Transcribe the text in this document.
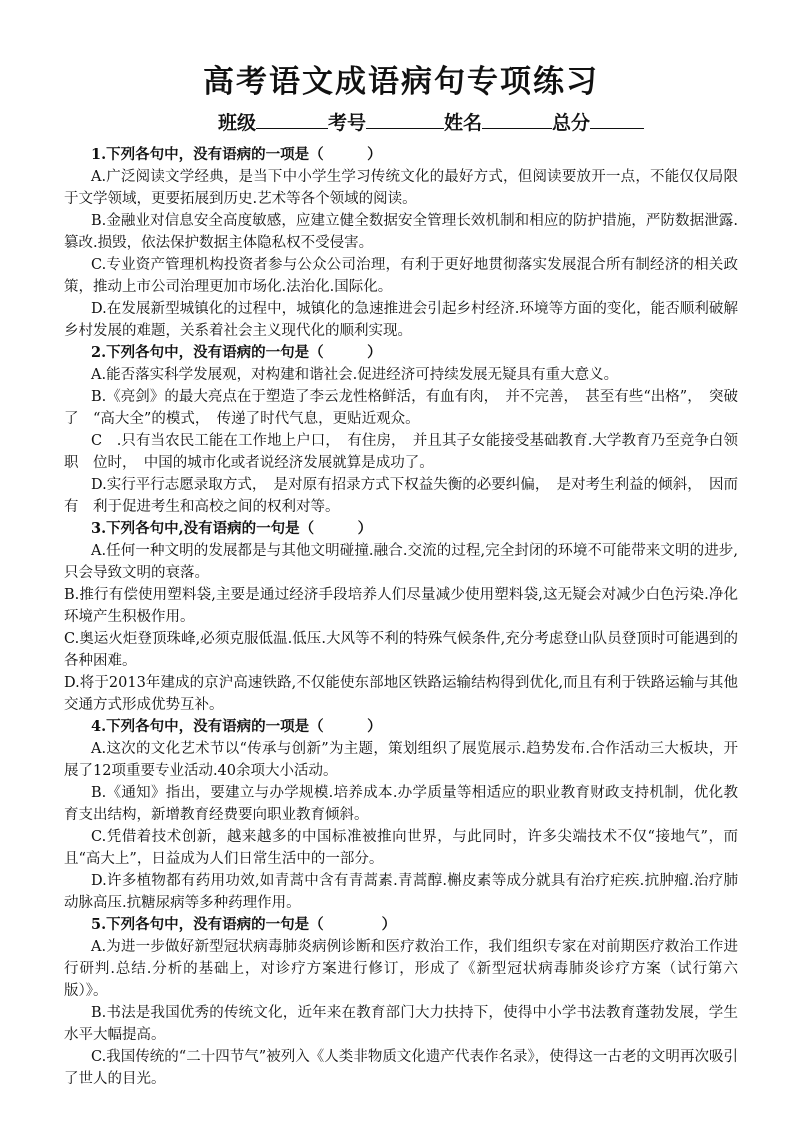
高考语文成语病句专项练习
班级	考号	姓名	总分

1.下列各句中，没有语病的一项是（　　　）

A.广泛阅读文学经典，是当下中小学生学习传统文化的最好方式，但阅读要放开一点，不能仅仅局限于文学领域，更要拓展到历史.艺术等各个领域的阅读。

B.金融业对信息安全高度敏感，应建立健全数据安全管理长效机制和相应的防护措施，严防数据泄露.篡改.损毁，依法保护数据主体隐私权不受侵害。

C.专业资产管理机构投资者参与公众公司治理，有利于更好地贯彻落实发展混合所有制经济的相关政策，推动上市公司治理更加市场化.法治化.国际化。

D.在发展新型城镇化的过程中，城镇化的急速推进会引起乡村经济.环境等方面的变化，能否顺利破解乡村发展的难题，关系着社会主义现代化的顺利实现。

2.下列各句中，没有语病的一句是（　　　）

A.能否落实科学发展观，对构建和谐社会.促进经济可持续发展无疑具有重大意义。

B.《亮剑》的最大亮点在于塑造了李云龙性格鲜活，有血有肉，　并不完善，　甚至有些“出格”，　突破了　“高大全”的模式，　传递了时代气息，更贴近观众。

C　.只有当农民工能在工作地上户口，　有住房，　并且其子女能接受基础教育.大学教育乃至竞争白领职　位时，　中国的城市化或者说经济发展就算是成功了。

D.实行平行志愿录取方式，　是对原有招录方式下权益失衡的必要纠偏，　是对考生利益的倾斜，　因而有　利于促进考生和高校之间的权利对等。

3.下列各句中,没有语病的一句是（　　　）

A.任何一种文明的发展都是与其他文明碰撞.融合.交流的过程,完全封闭的环境不可能带来文明的进步,只会导致文明的衰落。

B.推行有偿使用塑料袋,主要是通过经济手段培养人们尽量减少使用塑料袋,这无疑会对减少白色污染.净化环境产生积极作用。

C.奥运火炬登顶珠峰,必须克服低温.低压.大风等不利的特殊气候条件,充分考虑登山队员登顶时可能遇到的各种困难。

D.将于2013年建成的京沪高速铁路,不仅能使东部地区铁路运输结构得到优化,而且有利于铁路运输与其他交通方式形成优势互补。

4.下列各句中，没有语病的一项是（　　　）

A.这次的文化艺术节以“传承与创新”为主题，策划组织了展览展示.趋势发布.合作活动三大板块，开展了12项重要专业活动.40余项大小活动。

B.《通知》指出，要建立与办学规模.培养成本.办学质量等相适应的职业教育财政支持机制，优化教育支出结构，新增教育经费要向职业教育倾斜。

C.凭借着技术创新，越来越多的中国标准被推向世界，与此同时，许多尖端技术不仅“接地气”，而且“高大上”，日益成为人们日常生活中的一部分。

D.许多植物都有药用功效,如青蒿中含有青蒿素.青蒿醇.槲皮素等成分就具有治疗疟疾.抗肿瘤.治疗肺动脉高压.抗糖尿病等多种药理作用。

5.下列各句中，没有语病的一句是（　　　　）

A.为进一步做好新型冠状病毒肺炎病例诊断和医疗救治工作，我们组织专家在对前期医疗救治工作进行研判.总结.分析的基础上，对诊疗方案进行修订，形成了《新型冠状病毒肺炎诊疗方案（试行第六版）》。

B.书法是我国优秀的传统文化，近年来在教育部门大力扶持下，使得中小学书法教育蓬勃发展，学生水平大幅提高。

C.我国传统的“二十四节气”被列入《人类非物质文化遗产代表作名录》，使得这一古老的文明再次吸引了世人的目光。
